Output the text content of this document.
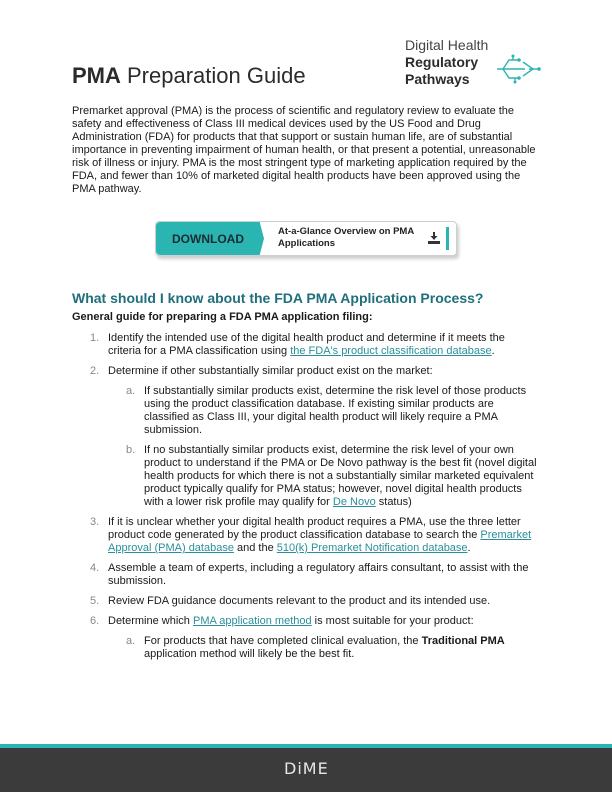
PMA Preparation Guide
Digital Health
Regulatory
Pathways

Premarket approval (PMA) is the process of scientific and regulatory review to evaluate the safety and effectiveness of Class III medical devices used by the US Food and Drug Administration (FDA) for products that that support or sustain human life, are of substantial importance in preventing impairment of human health, or that present a potential, unreasonable risk of illness or injury. PMA is the most stringent type of marketing application required by the FDA, and fewer than 10% of marketed digital health products have been approved using the PMA pathway.

DOWNLOAD
At-a-Glance Overview on PMA Applications
What should I know about the FDA PMA Application Process?
General guide for preparing a FDA PMA application filing:
1. Identify the intended use of the digital health product and determine if it meets the criteria for a PMA classification using the FDA's product classification database.
2. Determine if other substantially similar product exist on the market:
a. If substantially similar products exist, determine the risk level of those products using the product classification database. If existing similar products are classified as Class III, your digital health product will likely require a PMA submission.
b. If no substantially similar products exist, determine the risk level of your own product to understand if the PMA or De Novo pathway is the best fit (novel digital health products for which there is not a substantially similar marketed equivalent product typically qualify for PMA status; however, novel digital health products with a lower risk profile may qualify for De Novo status)
3. If it is unclear whether your digital health product requires a PMA, use the three letter product code generated by the product classification database to search the Premarket Approval (PMA) database and the 510(k) Premarket Notification database.
4. Assemble a team of experts, including a regulatory affairs consultant, to assist with the submission.
5. Review FDA guidance documents relevant to the product and its intended use.
6. Determine which PMA application method is most suitable for your product:
a. For products that have completed clinical evaluation, the Traditional PMA application method will likely be the best fit.
DiME
